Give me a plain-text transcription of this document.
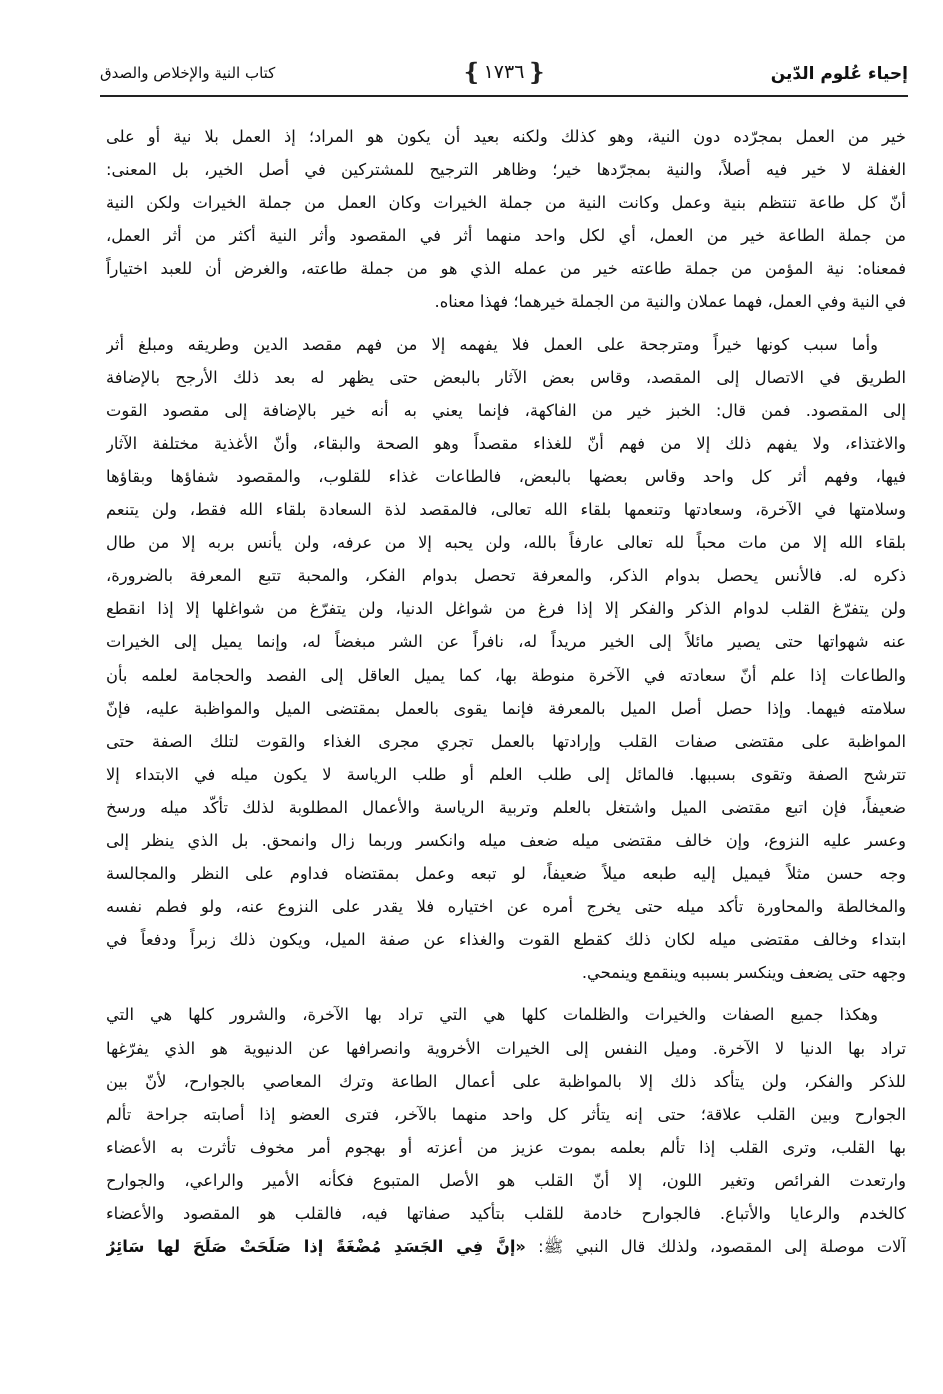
إحياء عُلوم الدّين
❴ ١٧٣٦ ❵
كتاب النية والإخلاص والصدق
خير من العمل بمجرّده دون النية، وهو كذلك ولكنه بعيد أن يكون هو المراد؛ إذ العمل بلا نية أو على
الغفلة لا خير فيه أصلاً، والنية بمجرّدها خير؛ وظاهر الترجيح للمشتركين في أصل الخير، بل المعنى:
أنّ كل طاعة تنتظم بنية وعمل وكانت النية من جملة الخيرات وكان العمل من جملة الخيرات ولكن النية
من جملة الطاعة خير من العمل، أي لكل واحد منهما أثر في المقصود وأثر النية أكثر من أثر العمل،
فمعناه: نية المؤمن من جملة طاعته خير من عمله الذي هو من جملة طاعته، والغرض أن للعبد اختياراً
في النية وفي العمل، فهما عملان والنية من الجملة خيرهما؛ فهذا معناه.
وأما سبب كونها خيراً ومترجحة على العمل فلا يفهمه إلا من فهم مقصد الدين وطريقه ومبلغ أثر
الطريق في الاتصال إلى المقصد، وقاس بعض الآثار بالبعض حتى يظهر له بعد ذلك الأرجح بالإضافة
إلى المقصود. فمن قال: الخبز خير من الفاكهة، فإنما يعني به أنه خير بالإضافة إلى مقصود القوت
والاغتذاء، ولا يفهم ذلك إلا من فهم أنّ للغذاء مقصداً وهو الصحة والبقاء، وأنّ الأغذية مختلفة الآثار
فيها، وفهم أثر كل واحد وقاس بعضها بالبعض، فالطاعات غذاء للقلوب، والمقصود شفاؤها وبقاؤها
وسلامتها في الآخرة، وسعادتها وتنعمها بلقاء الله تعالى، فالمقصد لذة السعادة بلقاء الله فقط، ولن يتنعم
بلقاء الله إلا من مات محباً لله تعالى عارفاً بالله، ولن يحبه إلا من عرفه، ولن يأنس بربه إلا من طال
ذكره له. فالأنس يحصل بدوام الذكر، والمعرفة تحصل بدوام الفكر، والمحبة تتبع المعرفة بالضرورة،
ولن يتفرّغ القلب لدوام الذكر والفكر إلا إذا فرغ من شواغل الدنيا، ولن يتفرّغ من شواغلها إلا إذا انقطع
عنه شهواتها حتى يصير مائلاً إلى الخير مريداً له، نافراً عن الشر مبغضاً له، وإنما يميل إلى الخيرات
والطاعات إذا علم أنّ سعادته في الآخرة منوطة بها، كما يميل العاقل إلى الفصد والحجامة لعلمه بأن
سلامته فيهما. وإذا حصل أصل الميل بالمعرفة فإنما يقوى بالعمل بمقتضى الميل والمواظبة عليه، فإنّ
المواظبة على مقتضى صفات القلب وإرادتها بالعمل تجري مجرى الغذاء والقوت لتلك الصفة حتى
تترشح الصفة وتقوى بسببها. فالمائل إلى طلب العلم أو طلب الرياسة لا يكون ميله في الابتداء إلا
ضعيفاً، فإن اتبع مقتضى الميل واشتغل بالعلم وتربية الرياسة والأعمال المطلوبة لذلك تأكّد ميله ورسخ
وعسر عليه النزوع، وإن خالف مقتضى ميله ضعف ميله وانكسر وربما زال وانمحق. بل الذي ينظر إلى
وجه حسن مثلاً فيميل إليه طبعه ميلاً ضعيفاً، لو تبعه وعمل بمقتضاه فداوم على النظر والمجالسة
والمخالطة والمحاورة تأكد ميله حتى يخرج أمره عن اختياره فلا يقدر على النزوع عنه، ولو فطم نفسه
ابتداء وخالف مقتضى ميله لكان ذلك كقطع القوت والغذاء عن صفة الميل، ويكون ذلك زبراً ودفعاً في
وجهه حتى يضعف وينكسر بسببه وينقمع وينمحي.
وهكذا جميع الصفات والخيرات والظلمات كلها هي التي تراد بها الآخرة، والشرور كلها هي التي
تراد بها الدنيا لا الآخرة. وميل النفس إلى الخيرات الأخروية وانصرافها عن الدنيوية هو الذي يفرّغها
للذكر والفكر، ولن يتأكد ذلك إلا بالمواظبة على أعمال الطاعة وترك المعاصي بالجوارح، لأنّ بين
الجوارح وبين القلب علاقة؛ حتى إنه يتأثر كل واحد منهما بالآخر، فترى العضو إذا أصابته جراحة تألم
بها القلب، وترى القلب إذا تألم بعلمه بموت عزيز من أعزته أو بهجوم أمر مخوف تأثرت به الأعضاء
وارتعدت الفرائص وتغير اللون، إلا أنّ القلب هو الأصل المتبوع فكأنه الأمير والراعي، والجوارح
كالخدم والرعايا والأتباع. فالجوارح خادمة للقلب بتأكيد صفاتها فيه، فالقلب هو المقصود والأعضاء
آلات موصلة إلى المقصود، ولذلك قال النبي ﷺ: «إنَّ فِي الجَسَدِ مُضْغَةً إذا صَلَحَتْ صَلَحَ لها سَائِرُ
